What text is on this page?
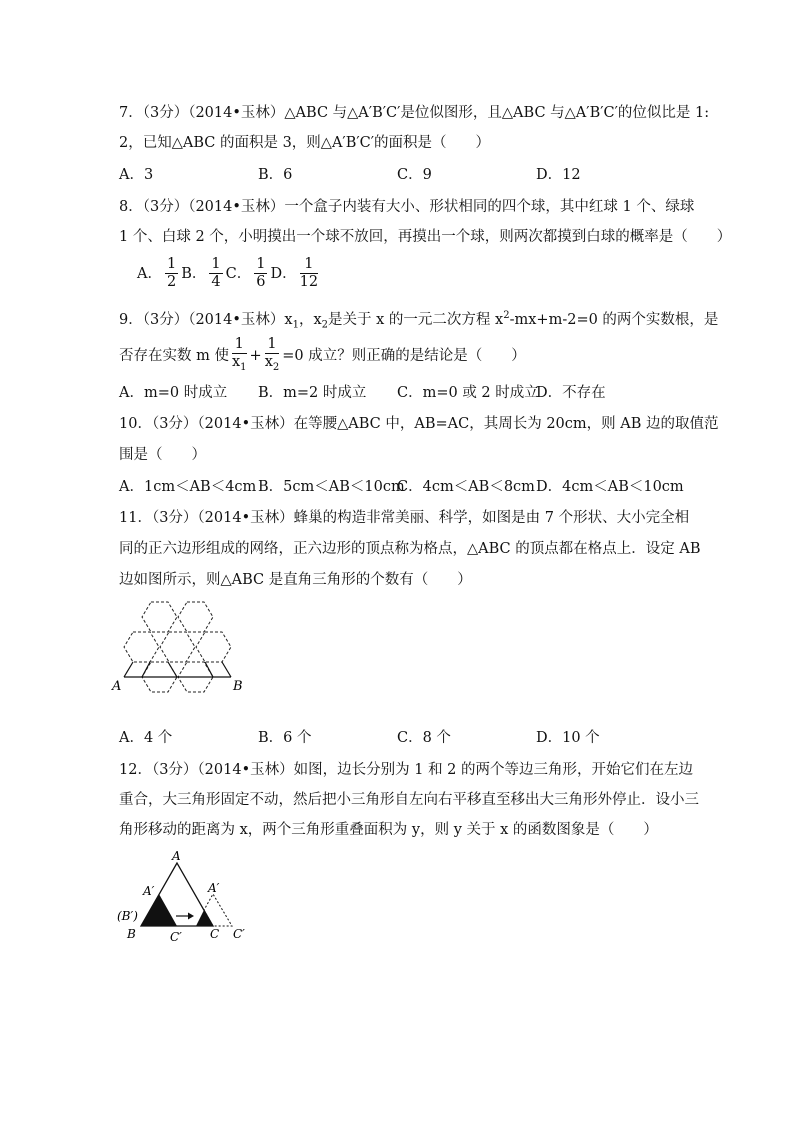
7．（3分）（2014•玉林）△ABC 与△A′B′C′是位似图形，且△ABC 与△A′B′C′的位似比是 1:
2，已知△ABC 的面积是 3，则△A′B′C′的面积是（　　）
A．3	B．6	C．9	D．12
8．（3分）（2014•玉林）一个盒子内装有大小、形状相同的四个球，其中红球 1 个、绿球
1 个、白球 2 个，小明摸出一个球不放回，再摸出一个球，则两次都摸到白球的概率是（　　）
A． $\frac{1}{2}$ B． $\frac{1}{4}$ C． $\frac{1}{6}$ D． $\frac{1}{12}$
9．（3分）（2014•玉林）$x_1$，$x_2$是关于 x 的一元二次方程 $x^2-mx+m-2=0$ 的两个实数根，是
否存在实数 m 使 $\frac{1}{x_1} + \frac{1}{x_2} =0$ 成立？则正确的是结论是（　　）
A．m=0 时成立 B．m=2 时成立 C．m=0 或 2 时成立
D．不存在
10．（3分）（2014•玉林）在等腰△ABC 中，AB=AC，其周长为 20cm，则 AB 边的取值范
围是（　　）
A．1cm＜AB＜4cm B．5cm＜AB＜10cm
C．4cm＜AB＜8cm D．4cm＜AB＜10cm
11．（3分）（2014•玉林）蜂巢的构造非常美丽、科学，如图是由 7 个形状、大小完全相
同的正六边形组成的网络，正六边形的顶点称为格点，△ABC 的顶点都在格点上．设定 AB
边如图所示，则△ABC 是直角三角形的个数有（　　）
A	B
A．4 个	B．6 个	C．8 个	D．10 个
12．（3分）（2014•玉林）如图，边长分别为 1 和 2 的两个等边三角形，开始它们在左边
重合，大三角形固定不动，然后把小三角形自左向右平移直至移出大三角形外停止．设小三
角形移动的距离为 x，两个三角形重叠面积为 y，则 y 关于 x 的函数图象是（　　）
A
A′	A′
(B′)
B	C′ C C′
